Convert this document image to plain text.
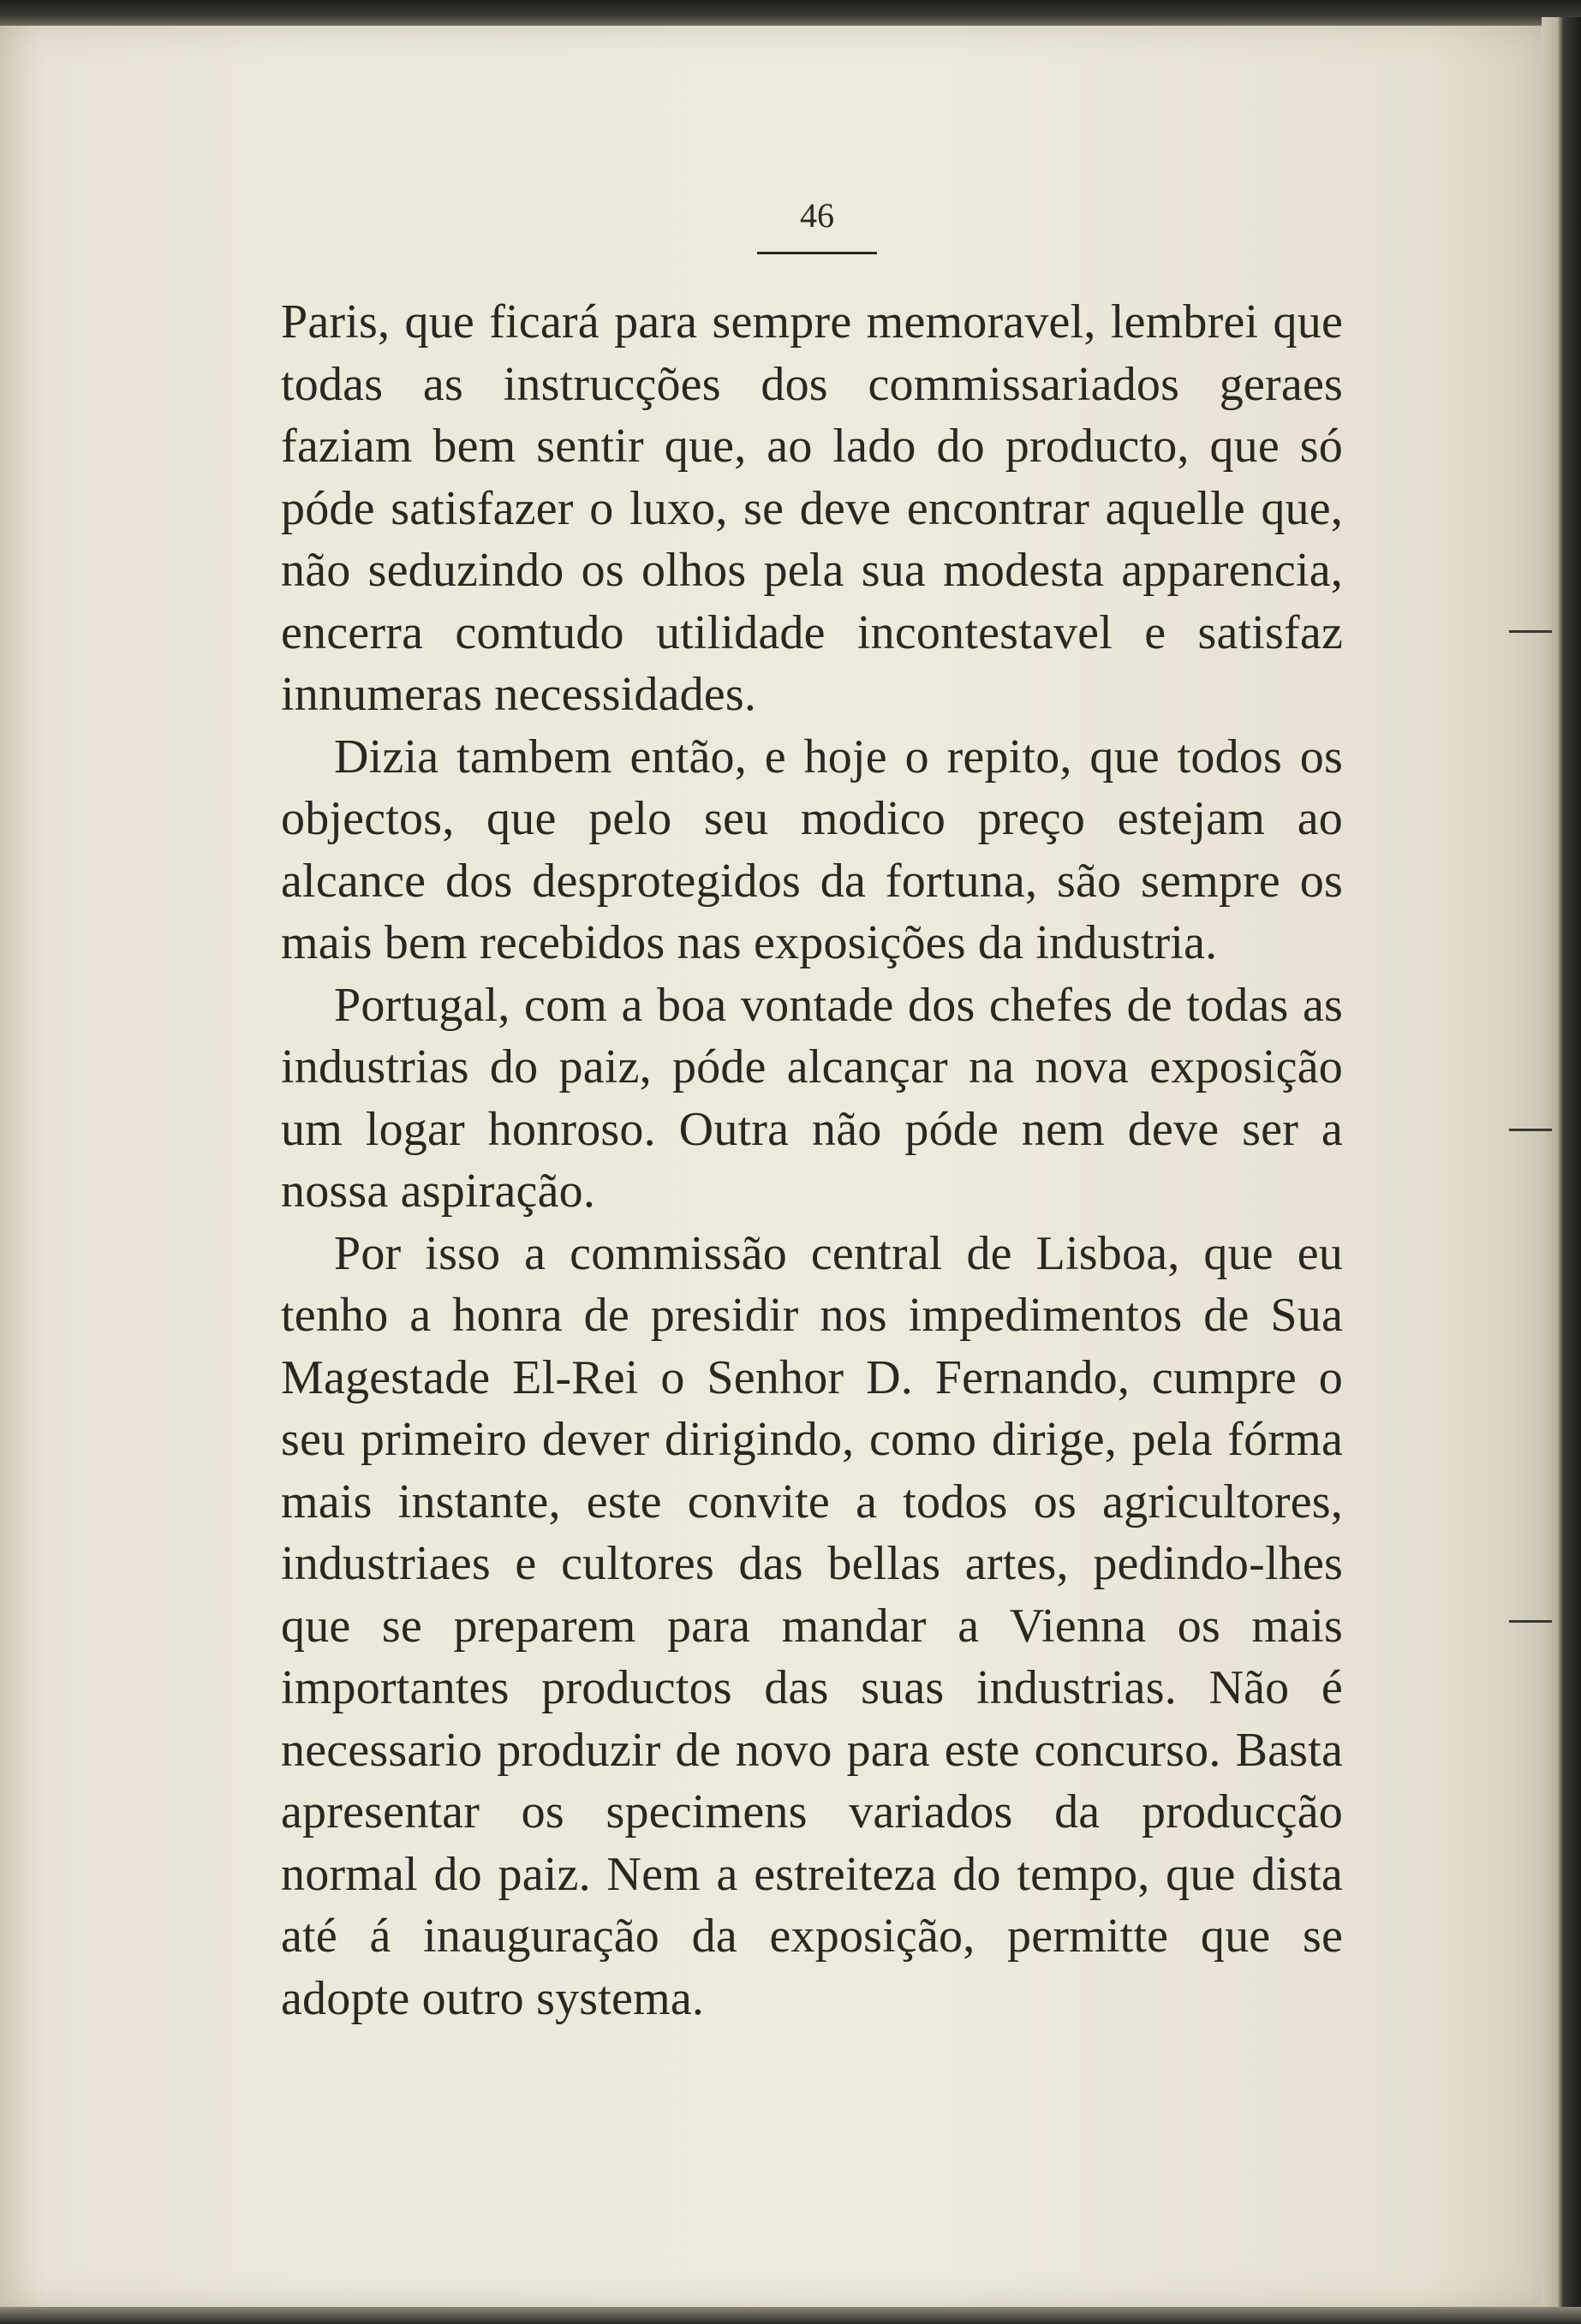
46

Paris, que ficará para sempre memoravel, lembrei que todas as instrucções dos commissariados geraes faziam bem sentir que, ao lado do producto, que só póde satisfazer o luxo, se deve encontrar aquelle que, não seduzindo os olhos pela sua modesta apparencia, encerra comtudo utilidade incontestavel e satisfaz innumeras necessidades.

Dizia tambem então, e hoje o repito, que todos os objectos, que pelo seu modico preço estejam ao alcance dos desprotegidos da fortuna, são sempre os mais bem recebidos nas exposições da industria.

Portugal, com a boa vontade dos chefes de todas as industrias do paiz, póde alcançar na nova exposição um logar honroso. Outra não póde nem deve ser a nossa aspiração.

Por isso a commissão central de Lisboa, que eu tenho a honra de presidir nos impedimentos de Sua Magestade El-Rei o Senhor D. Fernando, cumpre o seu primeiro dever dirigindo, como dirige, pela fórma mais instante, este convite a todos os agricultores, industriaes e cultores das bellas artes, pedindo-lhes que se preparem para mandar a Vienna os mais importantes productos das suas industrias. Não é necessario produzir de novo para este concurso. Basta apresentar os specimens variados da producção normal do paiz. Nem a estreiteza do tempo, que dista até á inauguração da exposição, permitte que se adopte outro systema.
